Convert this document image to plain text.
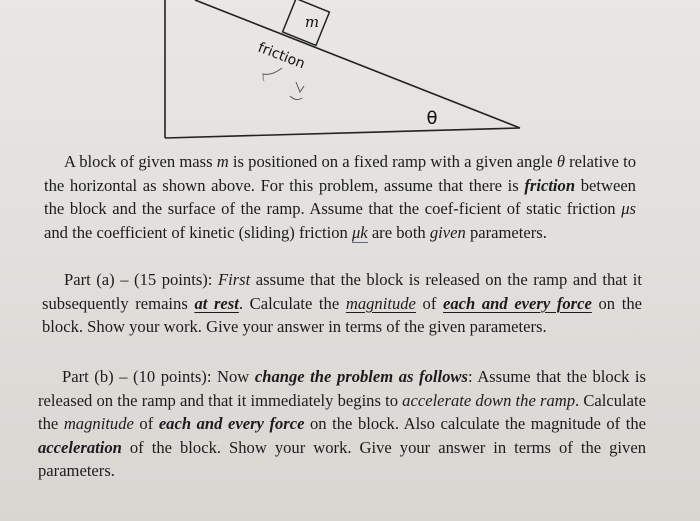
m
friction
(
θ

A block of given mass m is positioned on a fixed ramp with a given angle θ relative to the horizontal as shown above. For this problem, assume that there is friction between the block and the surface of the ramp. Assume that the coef-ficient of static friction μs and the coefficient of kinetic (sliding) friction μk are both given parameters.

Part (a) – (15 points): First assume that the block is released on the ramp and that it subsequently remains at rest. Calculate the magnitude of each and every force on the block. Show your work. Give your answer in terms of the given parameters.

Part (b) – (10 points): Now change the problem as follows: Assume that the block is released on the ramp and that it immediately begins to accelerate down the ramp. Calculate the magnitude of each and every force on the block. Also calculate the magnitude of the acceleration of the block. Show your work. Give your answer in terms of the given parameters.
